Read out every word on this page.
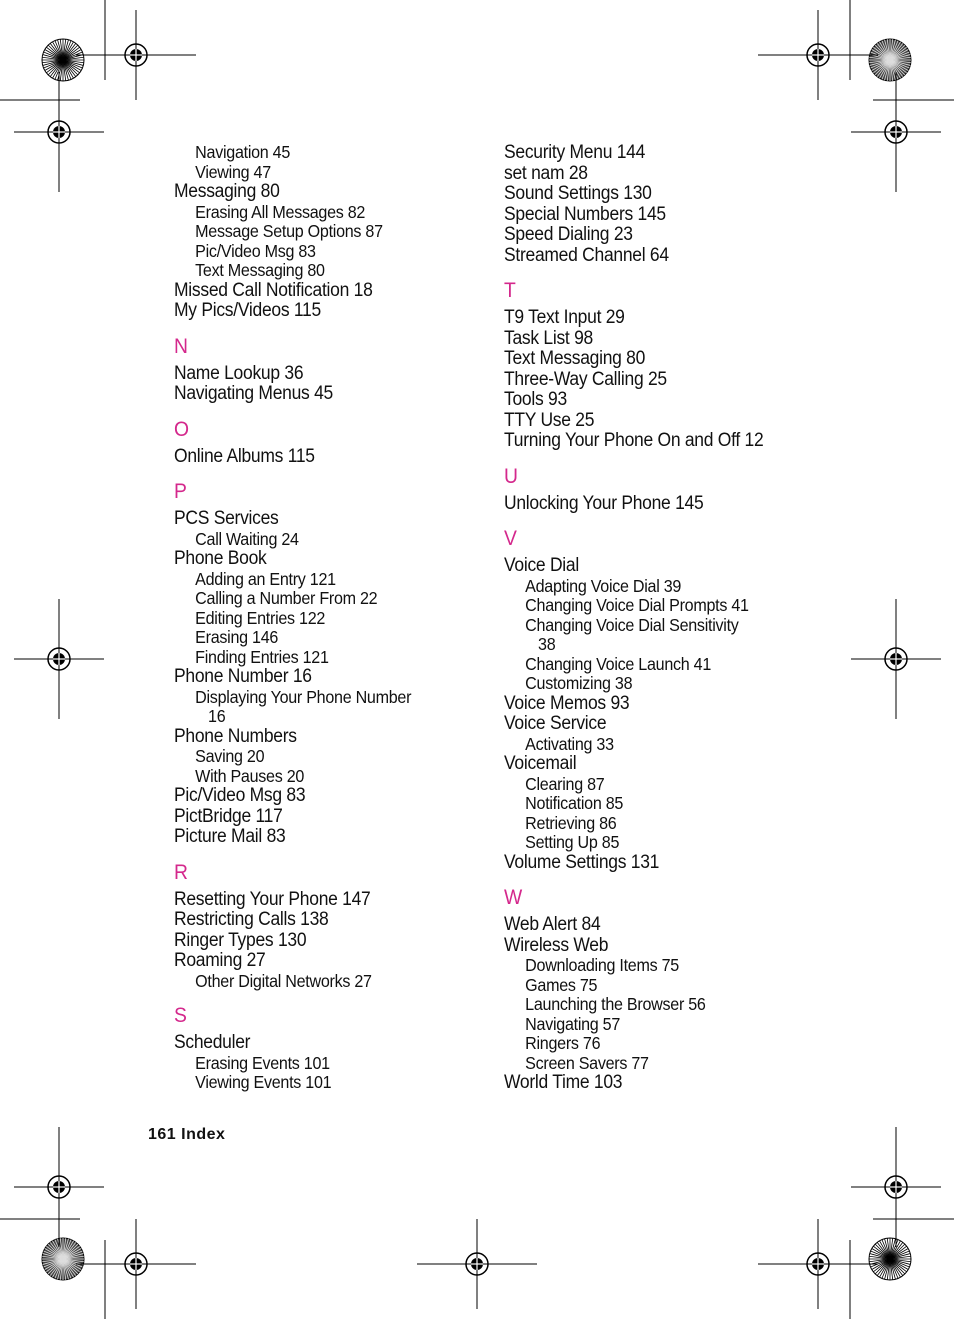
Navigation 45
Viewing 47
Messaging 80
Erasing All Messages 82
Message Setup Options 87
Pic/Video Msg 83
Text Messaging 80
Missed Call Notification 18
My Pics/Videos 115
N
Name Lookup 36
Navigating Menus 45
O
Online Albums 115
P
PCS Services
Call Waiting 24
Phone Book
Adding an Entry 121
Calling a Number From 22
Editing Entries 122
Erasing 146
Finding Entries 121
Phone Number 16
Displaying Your Phone Number
16
Phone Numbers
Saving 20
With Pauses 20
Pic/Video Msg 83
PictBridge 117
Picture Mail 83
R
Resetting Your Phone 147
Restricting Calls 138
Ringer Types 130
Roaming 27
Other Digital Networks 27
S
Scheduler
Erasing Events 101
Viewing Events 101
Security Menu 144
set nam 28
Sound Settings 130
Special Numbers 145
Speed Dialing 23
Streamed Channel 64
T
T9 Text Input 29
Task List 98
Text Messaging 80
Three-Way Calling 25
Tools 93
TTY Use 25
Turning Your Phone On and Off 12
U
Unlocking Your Phone 145
V
Voice Dial
Adapting Voice Dial 39
Changing Voice Dial Prompts 41
Changing Voice Dial Sensitivity
38
Changing Voice Launch 41
Customizing 38
Voice Memos 93
Voice Service
Activating 33
Voicemail
Clearing 87
Notification 85
Retrieving 86
Setting Up 85
Volume Settings 131
W
Web Alert 84
Wireless Web
Downloading Items 75
Games 75
Launching the Browser 56
Navigating 57
Ringers 76
Screen Savers 77
World Time 103
161 Index
